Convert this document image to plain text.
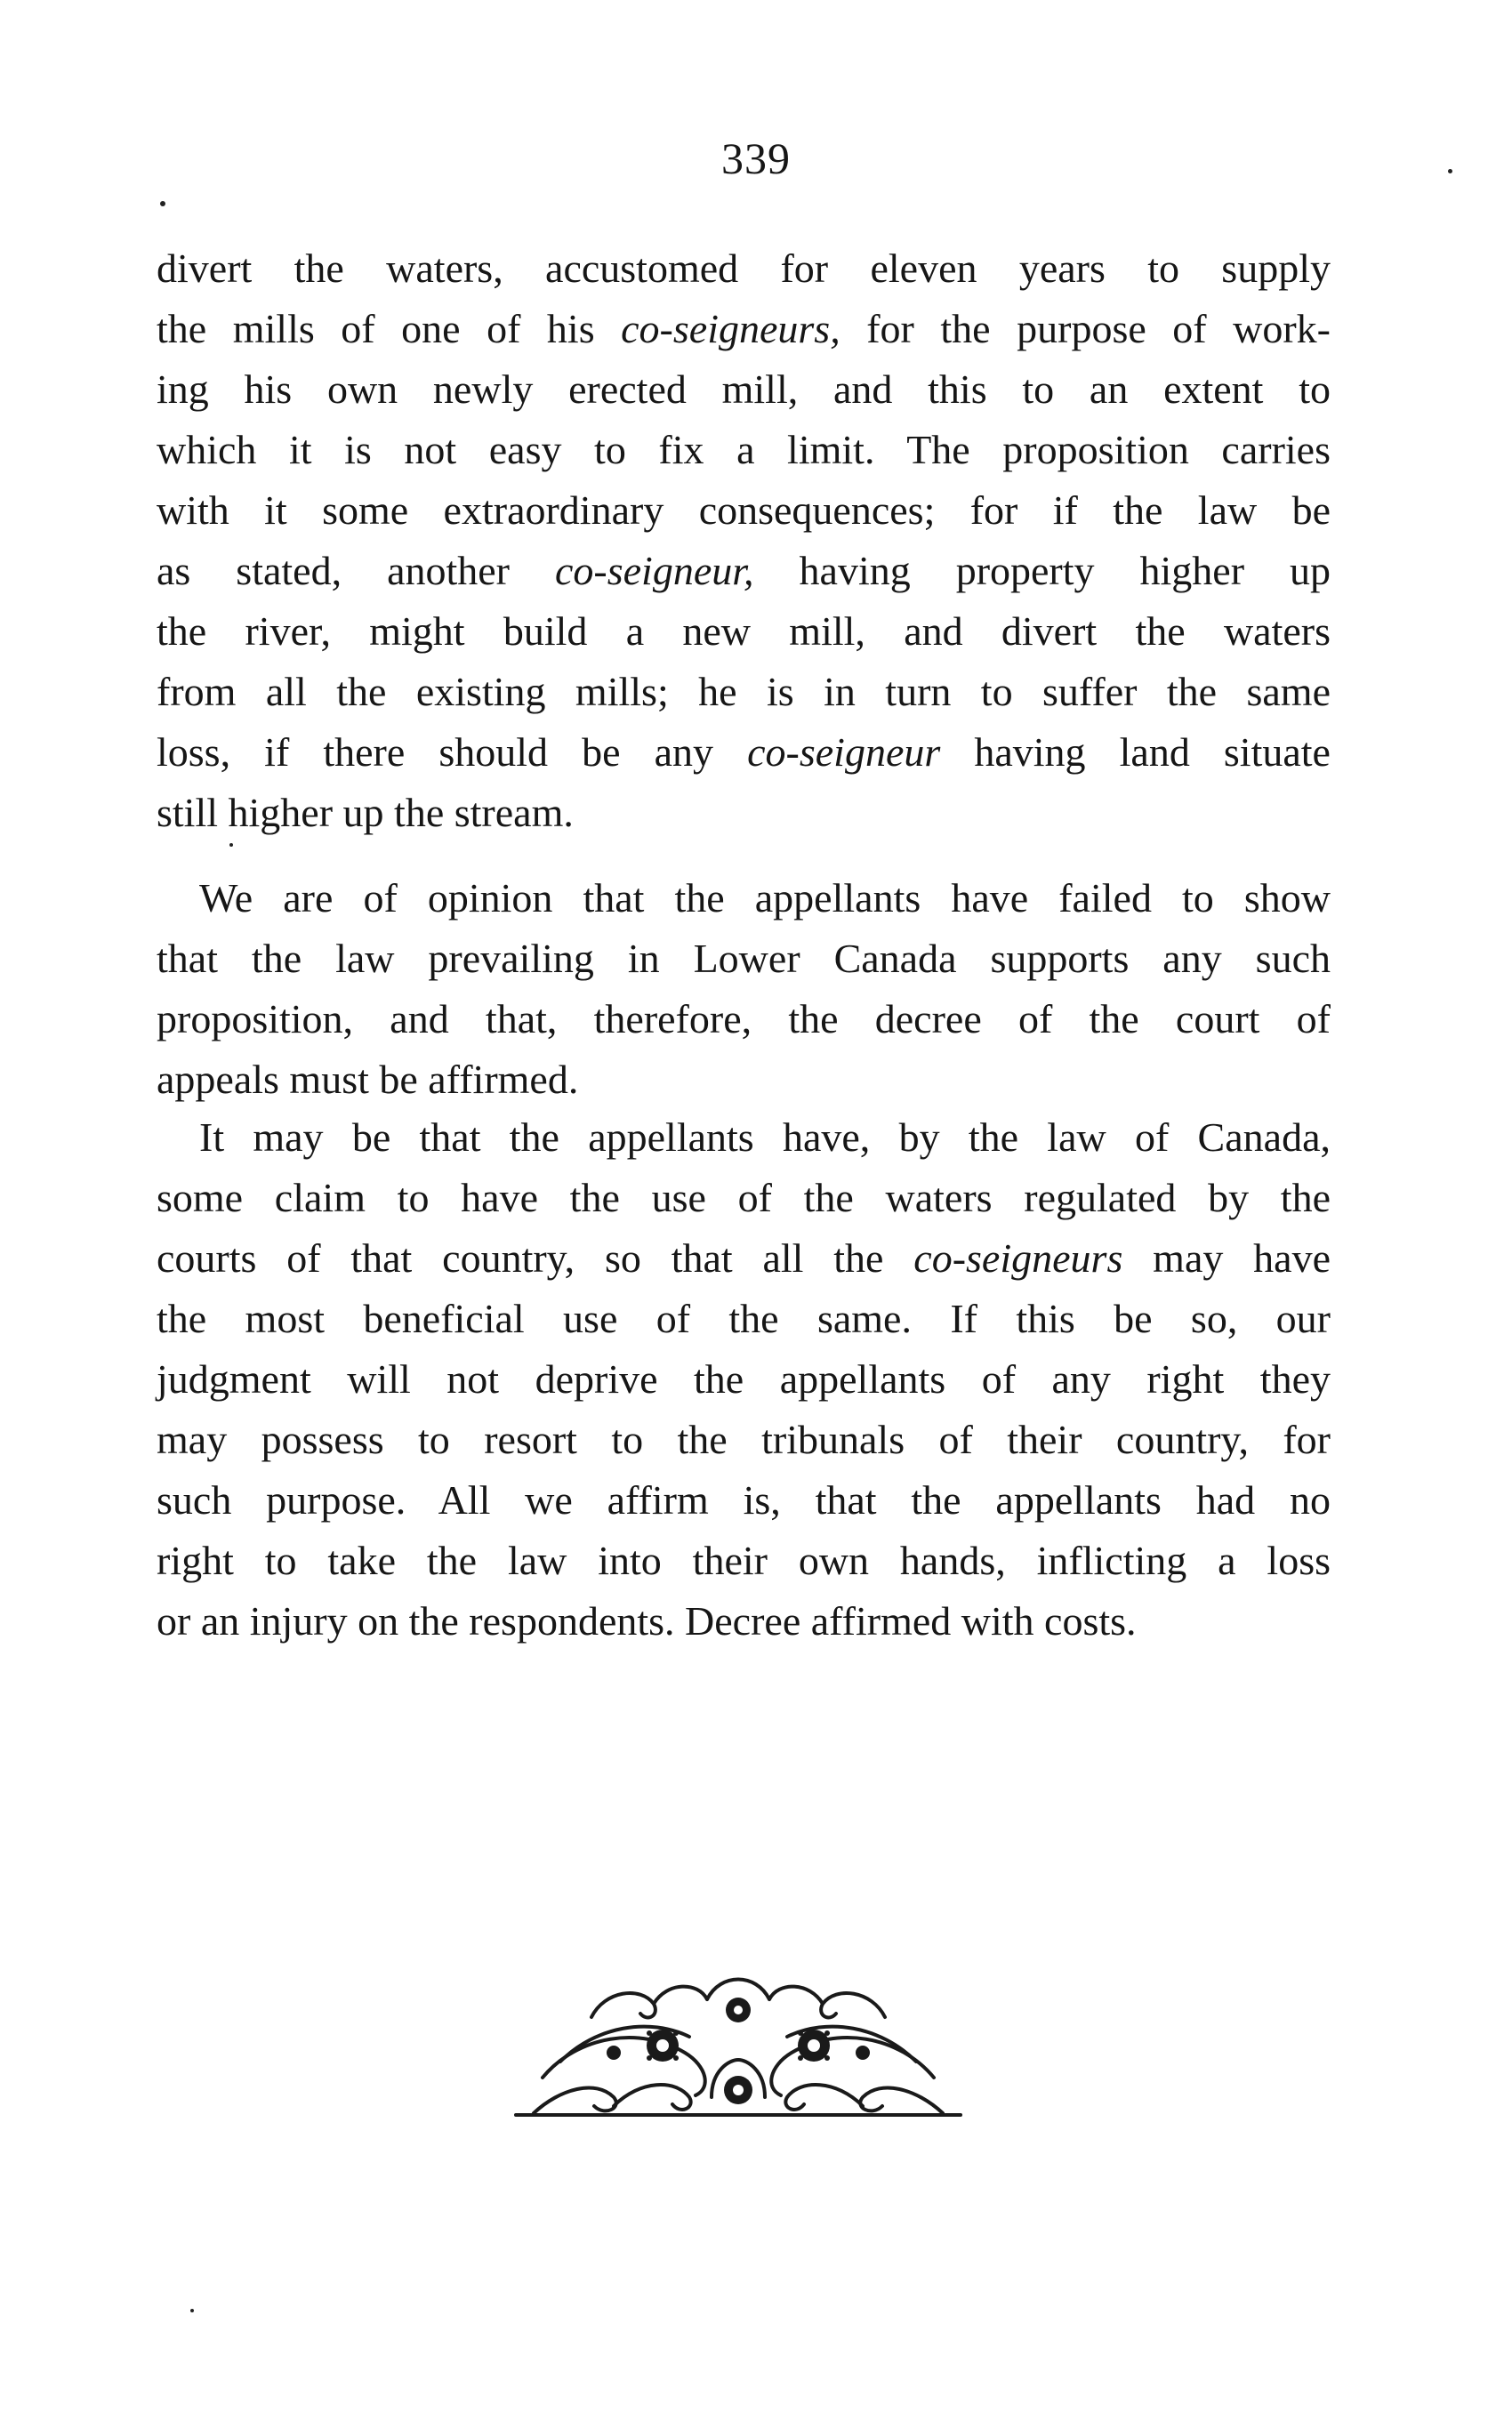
339
divert the waters, accustomed for eleven years to supply
the mills of one of his co-seigneurs, for the purpose of work-
ing his own newly erected mill, and this to an extent to
which it is not easy to fix a limit. The proposition carries
with it some extraordinary consequences; for if the law be
as stated, another co-seigneur, having property higher up
the river, might build a new mill, and divert the waters
from all the existing mills; he is in turn to suffer the same
loss, if there should be any co-seigneur having land situate
still higher up the stream.
We are of opinion that the appellants have failed to show
that the law prevailing in Lower Canada supports any such
proposition, and that, therefore, the decree of the court of
appeals must be affirmed.
It may be that the appellants have, by the law of Canada,
some claim to have the use of the waters regulated by the
courts of that country, so that all the co-seigneurs may have
the most beneficial use of the same. If this be so, our
judgment will not deprive the appellants of any right they
may possess to resort to the tribunals of their country, for
such purpose. All we affirm is, that the appellants had no
right to take the law into their own hands, inflicting a loss
or an injury on the respondents. Decree affirmed with costs.
